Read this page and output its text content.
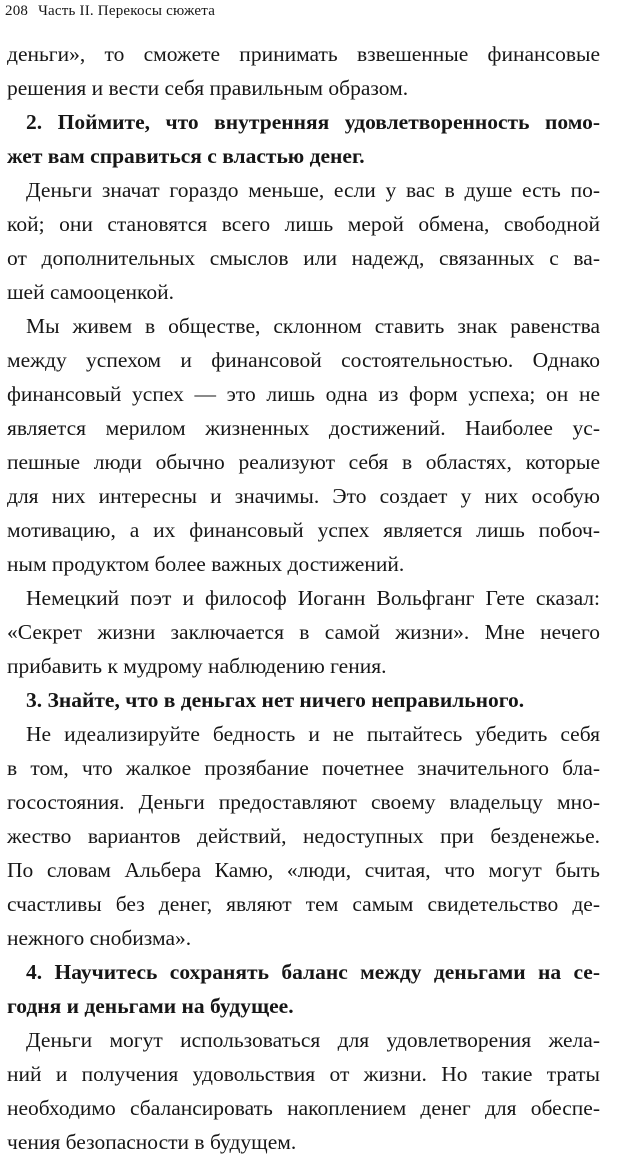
208 Часть II. Перекосы сюжета
деньги», то сможете принимать взвешенные финансовые
решения и вести себя правильным образом.
2. Поймите, что внутренняя удовлетворенность помо-
жет вам справиться с властью денег.
Деньги значат гораздо меньше, если у вас в душе есть по-
кой; они становятся всего лишь мерой обмена, свободной
от дополнительных смыслов или надежд, связанных с ва-
шей самооценкой.
Мы живем в обществе, склонном ставить знак равенства
между успехом и финансовой состоятельностью. Однако
финансовый успех — это лишь одна из форм успеха; он не
является мерилом жизненных достижений. Наиболее ус-
пешные люди обычно реализуют себя в областях, которые
для них интересны и значимы. Это создает у них особую
мотивацию, а их финансовый успех является лишь побоч-
ным продуктом более важных достижений.
Немецкий поэт и философ Иоганн Вольфганг Гете сказал:
«Секрет жизни заключается в самой жизни». Мне нечего
прибавить к мудрому наблюдению гения.
3. Знайте, что в деньгах нет ничего неправильного.
Не идеализируйте бедность и не пытайтесь убедить себя
в том, что жалкое прозябание почетнее значительного бла-
госостояния. Деньги предоставляют своему владельцу мно-
жество вариантов действий, недоступных при безденежье.
По словам Альбера Камю, «люди, считая, что могут быть
счастливы без денег, являют тем самым свидетельство де-
нежного снобизма».
4. Научитесь сохранять баланс между деньгами на се-
годня и деньгами на будущее.
Деньги могут использоваться для удовлетворения жела-
ний и получения удовольствия от жизни. Но такие траты
необходимо сбалансировать накоплением денег для обеспе-
чения безопасности в будущем.
